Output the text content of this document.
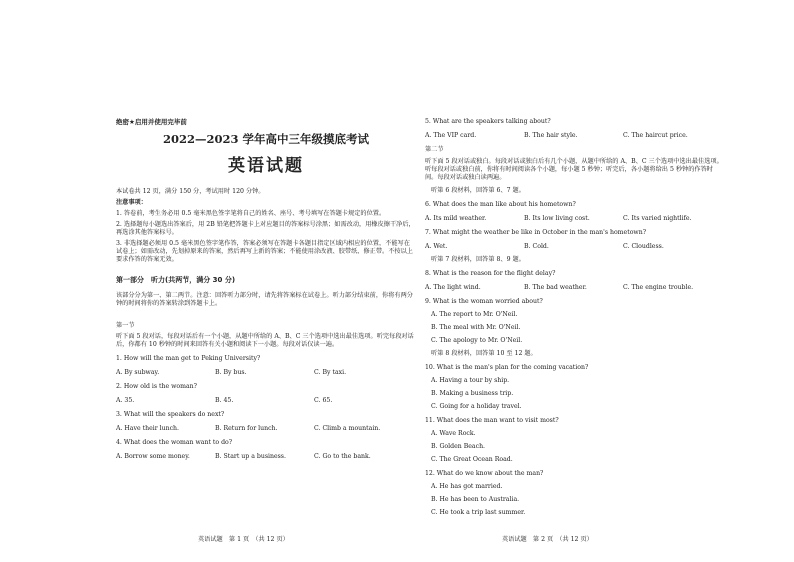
绝密★启用并使用完毕前
2022—2023 学年高中三年级摸底考试
英语试题
本试卷共 12 页，满分 150 分，考试用时 120 分钟。
注意事项：
1. 答卷前，考生务必用 0.5 毫米黑色签字笔将自己的姓名、座号、考号填写在答题卡规定的位置。
2. 选择题每小题选出答案后，用 2B 铅笔把答题卡上对应题目的答案标号涂黑；如需改动，用橡皮擦干净后，再选涂其他答案标号。
3. 非选择题必须用 0.5 毫米黑色签字笔作答，答案必须写在答题卡各题目指定区域内相应的位置，不能写在试卷上；如需改动，先划掉原来的答案，然后再写上新的答案；不能使用涂改液、胶带纸、修正带。不按以上要求作答的答案无效。
第一部分　听力(共两节，满分 30 分)
该部分分为第一、第二两节。注意：回答听力部分时，请先将答案标在试卷上。听力部分结束前，你将有两分钟的时间将你的答案转涂到答题卡上。
第一节
听下面 5 段对话，每段对话后有一个小题，从题中所给的 A、B、C 三个选项中选出最佳选项。听完每段对话后，你都有 10 秒钟的时间来回答有关小题和阅读下一小题。每段对话仅读一遍。
1. How will the man get to Peking University?
A. By subway.	B. By bus.	C. By taxi.
2. How old is the woman?
A. 35.	B. 45.	C. 65.
3. What will the speakers do next?
A. Have their lunch.	B. Return for lunch.	C. Climb a mountain.
4. What does the woman want to do?
A. Borrow some money.	B. Start up a business.	C. Go to the bank.
5. What are the speakers talking about?
A. The VIP card.	B. The hair style.	C. The haircut price.
第二节
听下面 5 段对话或独白。每段对话或独白后有几个小题，从题中所给的 A、B、C 三个选项中选出最佳选项。听每段对话或独白前，你将有时间阅读各个小题，每小题 5 秒钟；听完后，各小题将给出 5 秒钟的作答时间。每段对话或独白读两遍。
听第 6 段材料，回答第 6、7 题。
6. What does the man like about his hometown?
A. Its mild weather.	B. Its low living cost.	C. Its varied nightlife.
7. What might the weather be like in October in the man's hometown?
A. Wet.	B. Cold.	C. Cloudless.
听第 7 段材料，回答第 8、9 题。
8. What is the reason for the flight delay?
A. The light wind.	B. The bad weather.	C. The engine trouble.
9. What is the woman worried about?
A. The report to Mr. O'Neil.
B. The meal with Mr. O'Neil.
C. The apology to Mr. O'Neil.
听第 8 段材料，回答第 10 至 12 题。
10. What is the man's plan for the coming vacation?
A. Having a tour by ship.
B. Making a business trip.
C. Going for a holiday travel.
11. What does the man want to visit most?
A. Wave Rock.
B. Golden Beach.
C. The Great Ocean Road.
12. What do we know about the man?
A. He has got married.
B. He has been to Australia.
C. He took a trip last summer.
英语试题　第 1 页　（共 12 页）	英语试题　第 2 页　（共 12 页）
